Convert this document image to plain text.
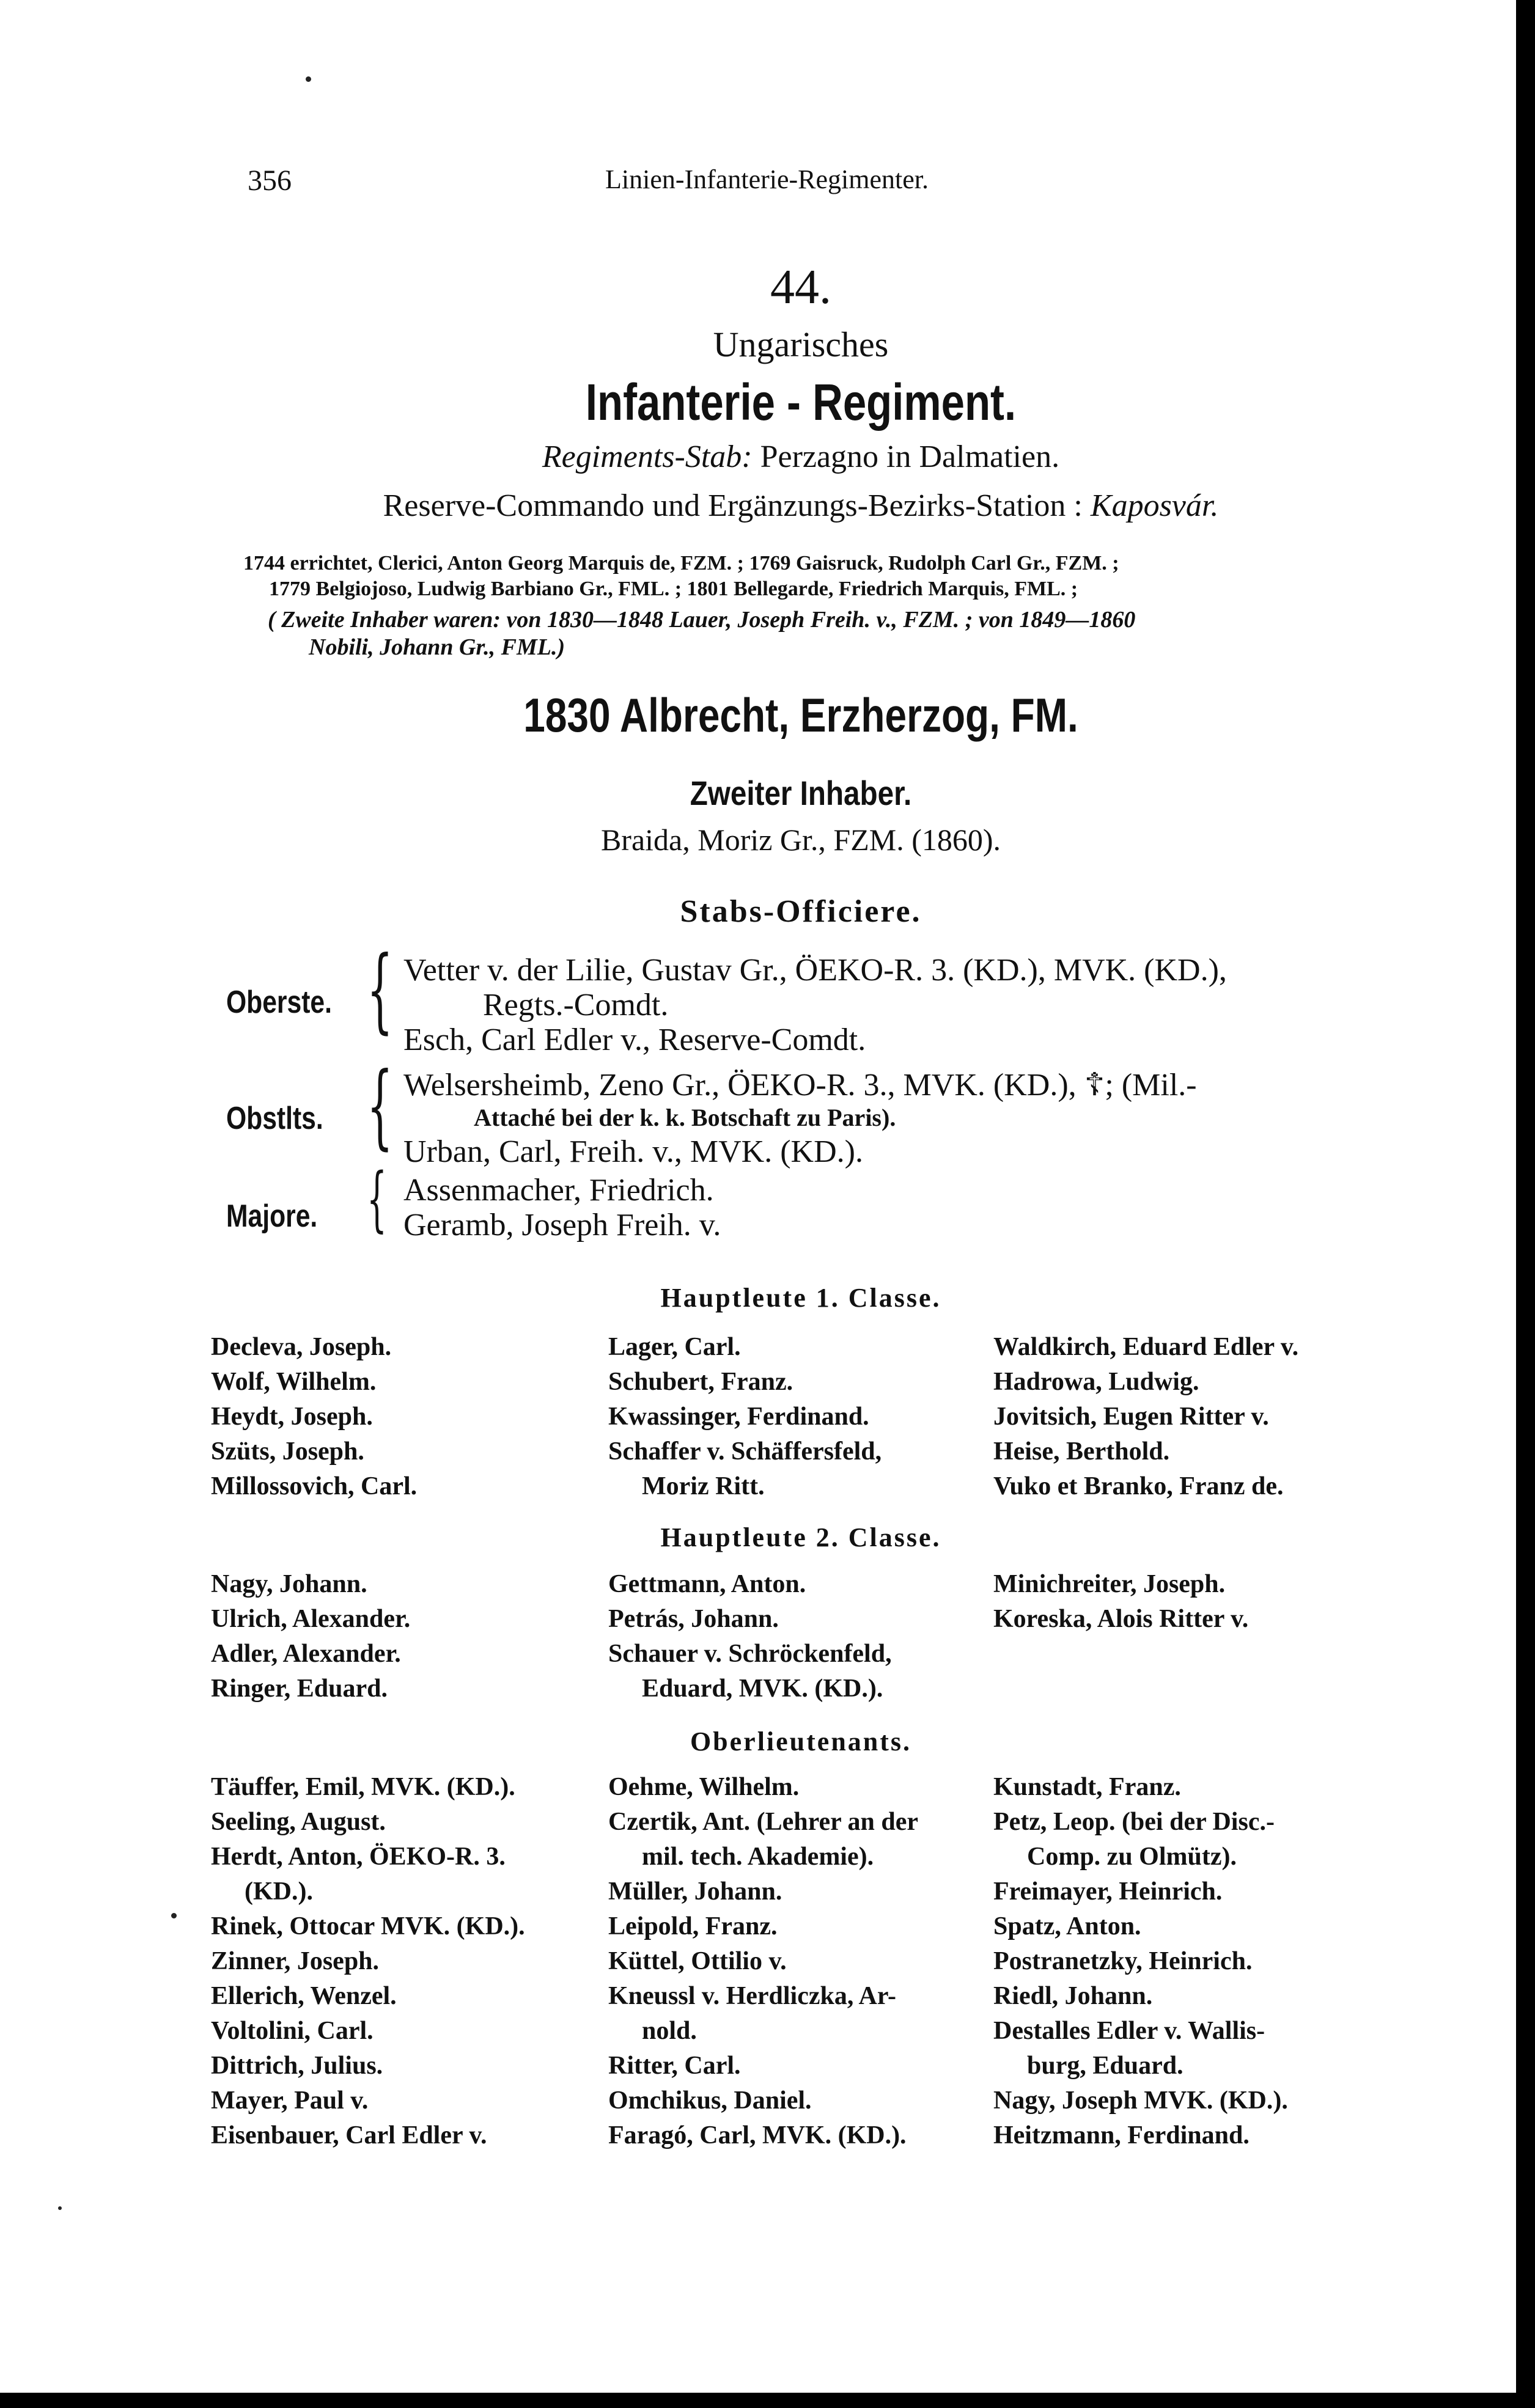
356	Linien-Infanterie-Regimenter.
44.
Ungarisches
Infanterie - Regiment.
Regiments-Stab: Perzagno in Dalmatien.
Reserve-Commando und Ergänzungs-Bezirks-Station : Kaposvár.
1744 errichtet, Clerici, Anton Georg Marquis de, FZM. ; 1769 Gaisruck, Rudolph Carl Gr., FZM. ;
1779 Belgiojoso, Ludwig Barbiano Gr., FML. ; 1801 Bellegarde, Friedrich Marquis, FML. ;
( Zweite Inhaber waren: von 1830—1848 Lauer, Joseph Freih. v., FZM. ; von 1849—1860
Nobili, Johann Gr., FML.)
1830 Albrecht, Erzherzog, FM.
Zweiter Inhaber.
Braida, Moriz Gr., FZM. (1860).
Stabs-Officiere.
Oberste. { Vetter v. der Lilie, Gustav Gr., ÖEKO-R. 3. (KD.), MVK. (KD.),
Regts.-Comdt.
Esch, Carl Edler v., Reserve-Comdt.
Obstlts. { Welsersheimb, Zeno Gr., ÖEKO-R. 3., MVK. (KD.), ☦; (Mil.-
Attaché bei der k. k. Botschaft zu Paris).
Urban, Carl, Freih. v., MVK. (KD.).
Majore. { Assenmacher, Friedrich.
Geramb, Joseph Freih. v.
Hauptleute 1. Classe.
Decleva, Joseph.
Wolf, Wilhelm.
Heydt, Joseph.
Szüts, Joseph.
Millossovich, Carl.
Lager, Carl.
Schubert, Franz.
Kwassinger, Ferdinand.
Schaffer v. Schäffersfeld,
Moriz Ritt.
Waldkirch, Eduard Edler v.
Hadrowa, Ludwig.
Jovitsich, Eugen Ritter v.
Heise, Berthold.
Vuko et Branko, Franz de.
Hauptleute 2. Classe.
Nagy, Johann.
Ulrich, Alexander.
Adler, Alexander.
Ringer, Eduard.
Gettmann, Anton.
Petrás, Johann.
Schauer v. Schröckenfeld,
Eduard, MVK. (KD.).
Minichreiter, Joseph.
Koreska, Alois Ritter v.
Oberlieutenants.
Täuffer, Emil, MVK. (KD.).
Seeling, August.
Herdt, Anton, ÖEKO-R. 3.
(KD.).
Rinek, Ottocar MVK. (KD.).
Zinner, Joseph.
Ellerich, Wenzel.
Voltolini, Carl.
Dittrich, Julius.
Mayer, Paul v.
Eisenbauer, Carl Edler v.
Oehme, Wilhelm.
Czertik, Ant. (Lehrer an der
mil. tech. Akademie).
Müller, Johann.
Leipold, Franz.
Küttel, Ottilio v.
Kneussl v. Herdliczka, Ar-
nold.
Ritter, Carl.
Omchikus, Daniel.
Faragó, Carl, MVK. (KD.).
Kunstadt, Franz.
Petz, Leop. (bei der Disc.-
Comp. zu Olmütz).
Freimayer, Heinrich.
Spatz, Anton.
Postranetzky, Heinrich.
Riedl, Johann.
Destalles Edler v. Wallis-
burg, Eduard.
Nagy, Joseph MVK. (KD.).
Heitzmann, Ferdinand.
